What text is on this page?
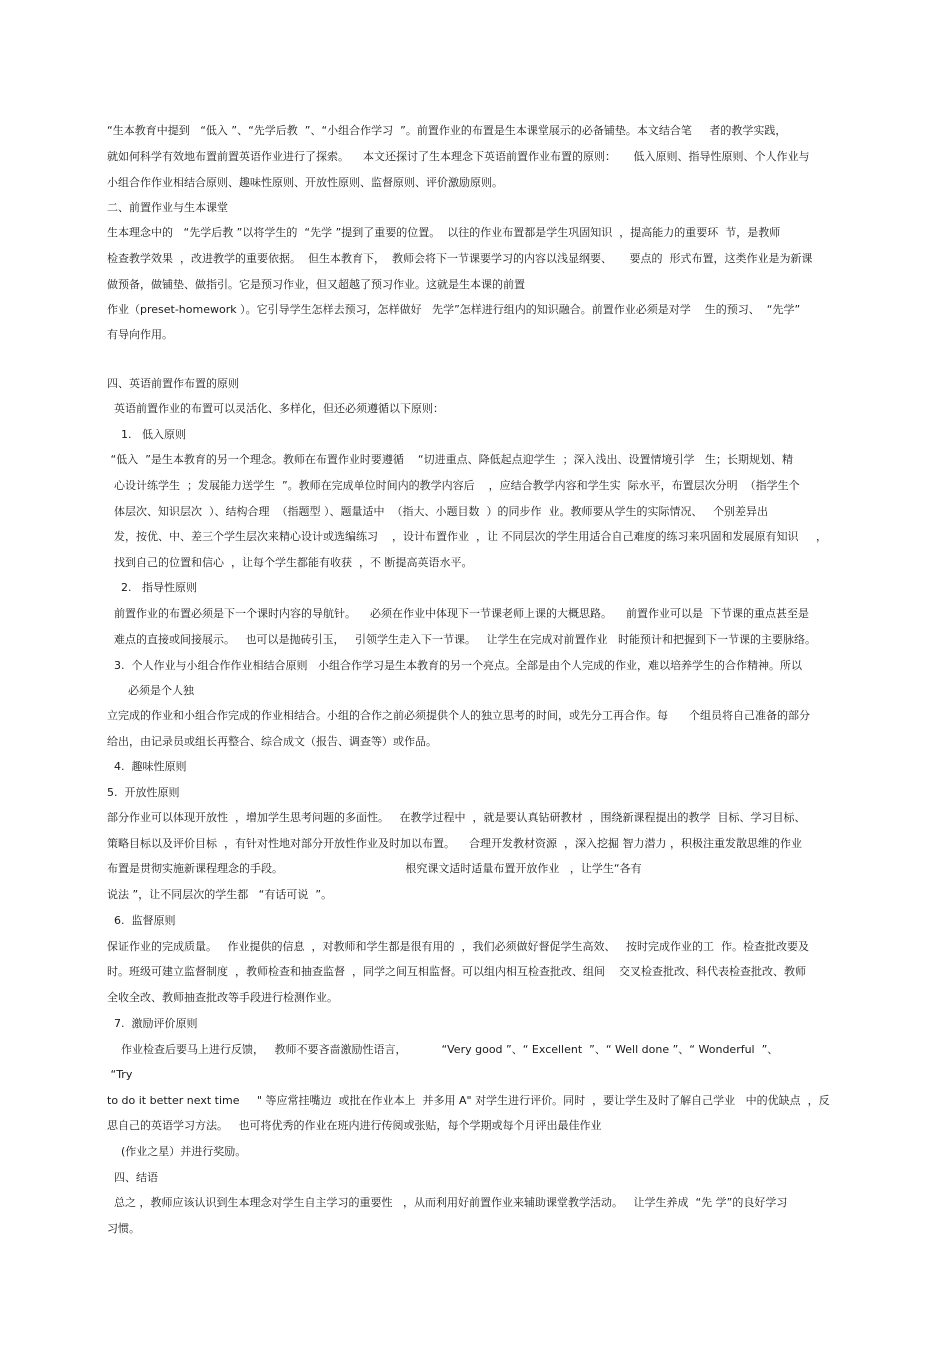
“生本教育中提到   “低入 ”、“先学后教  ”、“小组合作学习  ”。前置作业的布置是生本课堂展示的必备铺垫。本文结合笔     者的教学实践，

就如何科学有效地布置前置英语作业进行了探索。    本文还探讨了生本理念下英语前置作业布置的原则：     低入原则、指导性原则、个人作业与

小组合作作业相结合原则、趣味性原则、开放性原则、监督原则、评价激励原则。

二、前置作业与生本课堂

生本理念中的   “先学后教 ”以将学生的  “先学 ”提到了重要的位置。  以往的作业布置都是学生巩固知识  ，提高能力的重要环  节，是教师

检查教学效果  ，改进教学的重要依据。  但生本教育下，  教师会将下一节课要学习的内容以浅显纲要、     要点的  形式布置，这类作业是为新课

做预备，做铺垫、做指引。它是预习作业，但又超越了预习作业。这就是生本课的前置

作业（preset-homework ）。它引导学生怎样去预习，怎样做好   先学”怎样进行组内的知识融合。前置作业必须是对学    生的预习、  “先学”

有导向作用。

四、英语前置作布置的原则

英语前置作业的布置可以灵活化、多样化，但还必须遵循以下原则：

1.   低入原则

“低入  ”是生本教育的另一个理念。教师在布置作业时要遵循    “切进重点、降低起点迎学生  ；深入浅出、设置情境引学   生；长期规划、精

心设计练学生  ；发展能力送学生  ”。教师在完成单位时间内的教学内容后    ，应结合教学内容和学生实  际水平，布置层次分明  （指学生个

体层次、知识层次  ）、结构合理  （指题型 ）、题量适中  （指大、小题目数  ）的同步作  业。教师要从学生的实际情况、   个别差异出

发，按优、中、差三个学生层次来精心设计或选编练习    ，设计布置作业  ，让 不同层次的学生用适合自己难度的练习来巩固和发展原有知识     ，

找到自己的位置和信心  ，让每个学生都能有收获  ，不 断提高英语水平。

2.   指导性原则

前置作业的布置必须是下一个课时内容的导航针。    必须在作业中体现下一节课老师上课的大概思路。    前置作业可以是  下节课的重点甚至是

难点的直接或间接展示。   也可以是抛砖引玉，   引领学生走入下一节课。   让学生在完成对前置作业   时能预计和把握到下一节课的主要脉络。

3.  个人作业与小组合作作业相结合原则   小组合作学习是生本教育的另一个亮点。全部是由个人完成的作业，难以培养学生的合作精神。所以

必须是个人独

立完成的作业和小组合作完成的作业相结合。小组的合作之前必须提供个人的独立思考的时间，或先分工再合作。每      个组员将自己准备的部分

给出，由记录员或组长再整合、综合成文（报告、调查等）或作品。

4.  趣味性原则

5.  开放性原则

部分作业可以体现开放性  ，增加学生思考问题的多面性。   在教学过程中  ，就是要认真钻研教材  ，围绕新课程提出的教学  目标、学习目标、

策略目标以及评价目标  ，有针对性地对部分开放性作业及时加以布置。    合理开发教材资源  ，深入挖掘 智力潜力 ，积极注重发散思维的作业

布置是贯彻实施新课程理念的手段。                                   根究课文适时适量布置开放作业   ，让学生“各有

说法 ”，让不同层次的学生都   “有话可说  ”。

6.  监督原则

保证作业的完成质量。   作业提供的信息  ，对教师和学生都是很有用的  ，我们必须做好督促学生高效、   按时完成作业的工  作。检查批改要及

时。班级可建立监督制度  ，教师检查和抽查监督  ，同学之间互相监督。可以组内相互检查批改、组间    交叉检查批改、科代表检查批改、教师

全收全改、教师抽查批改等手段进行检测作业。

7.  激励评价原则

作业检查后要马上进行反馈，   教师不要吝啬激励性语言，          “Very good ”、“ Excellent  ”、“ Well done ”、“ Wonderful  ”、

“Try

to do it better next time     " 等应常挂嘴边  或批在作业本上  并多用 A" 对学生进行评价。同时  ，要让学生及时了解自己学业   中的优缺点  ，反

思自己的英语学习方法。   也可将优秀的作业在班内进行传阅或张贴，每个学期或每个月评出最佳作业

(作业之星）并进行奖励。

四、结语

总之 ，教师应该认识到生本理念对学生自主学习的重要性   ，从而利用好前置作业来辅助课堂教学活动。   让学生养成  “先 学”的良好学习

习惯。
